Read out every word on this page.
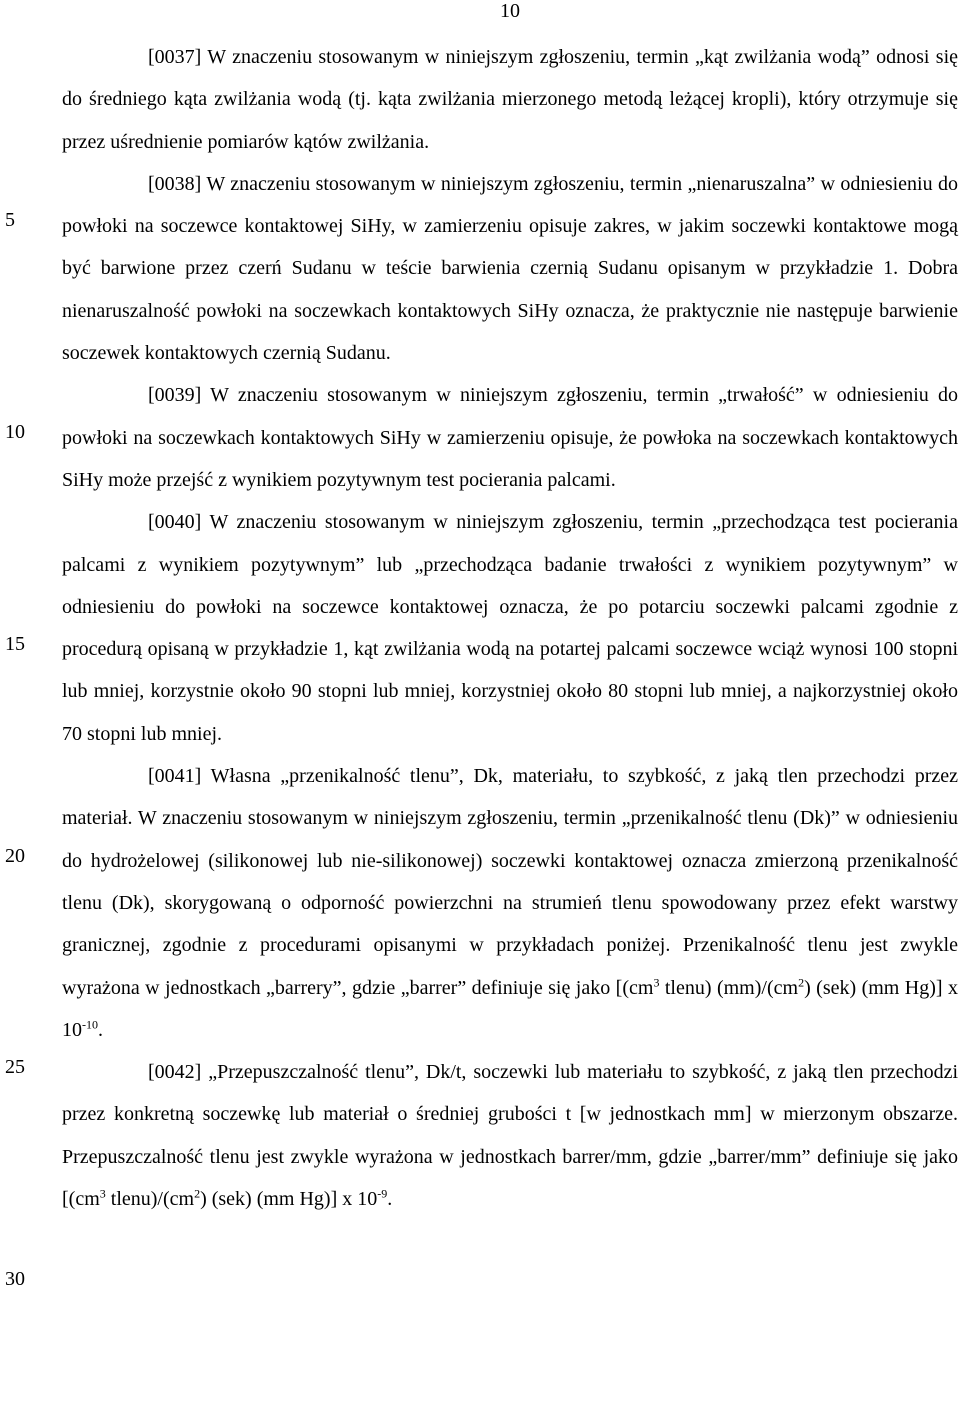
10
5
10
15
20
25
30

[0037] W znaczeniu stosowanym w niniejszym zgłoszeniu, termin „kąt zwilżania wodą” odnosi się do średniego kąta zwilżania wodą (tj. kąta zwilżania mierzonego metodą leżącej kropli), który otrzymuje się przez uśrednienie pomiarów kątów zwilżania.

[0038] W znaczeniu stosowanym w niniejszym zgłoszeniu, termin „nienaruszalna” w odniesieniu do powłoki na soczewce kontaktowej SiHy, w zamierzeniu opisuje zakres, w jakim soczewki kontaktowe mogą być barwione przez czerń Sudanu w teście barwienia czernią Sudanu opisanym w przykładzie 1. Dobra nienaruszalność powłoki na soczewkach kontaktowych SiHy oznacza, że praktycznie nie następuje barwienie soczewek kontaktowych czernią Sudanu.

[0039] W znaczeniu stosowanym w niniejszym zgłoszeniu, termin „trwałość” w odniesieniu do powłoki na soczewkach kontaktowych SiHy w zamierzeniu opisuje, że powłoka na soczewkach kontaktowych SiHy może przejść z wynikiem pozytywnym test pocierania palcami.

[0040] W znaczeniu stosowanym w niniejszym zgłoszeniu, termin „przechodząca test pocierania palcami z wynikiem pozytywnym” lub „przechodząca badanie trwałości z wynikiem pozytywnym” w odniesieniu do powłoki na soczewce kontaktowej oznacza, że po potarciu soczewki palcami zgodnie z procedurą opisaną w przykładzie 1, kąt zwilżania wodą na potartej palcami soczewce wciąż wynosi 100 stopni lub mniej, korzystnie około 90 stopni lub mniej, korzystniej około 80 stopni lub mniej, a najkorzystniej około 70 stopni lub mniej.

[0041] Własna „przenikalność tlenu”, Dk, materiału, to szybkość, z jaką tlen przechodzi przez materiał. W znaczeniu stosowanym w niniejszym zgłoszeniu, termin „przenikalność tlenu (Dk)” w odniesieniu do hydrożelowej (silikonowej lub nie-silikonowej) soczewki kontaktowej oznacza zmierzoną przenikalność tlenu (Dk), skorygowaną o odporność powierzchni na strumień tlenu spowodowany przez efekt warstwy granicznej, zgodnie z procedurami opisanymi w przykładach poniżej. Przenikalność tlenu jest zwykle wyrażona w jednostkach „barrery”, gdzie „barrer” definiuje się jako [($cm^3$ tlenu) $(mm)/(cm^2)$ (sek) (mm Hg)] x $10^{-10}$.

[0042] „Przepuszczalność tlenu”, Dk/t, soczewki lub materiału to szybkość, z jaką tlen przechodzi przez konkretną soczewkę lub materiał o średniej grubości t [w jednostkach mm] w mierzonym obszarze. Przepuszczalność tlenu jest zwykle wyrażona w jednostkach barrer/mm, gdzie „barrer/mm” definiuje się jako [($cm^3$ $tlenu)/(cm^2)$ (sek) (mm Hg)] x $10^{-9}$.
